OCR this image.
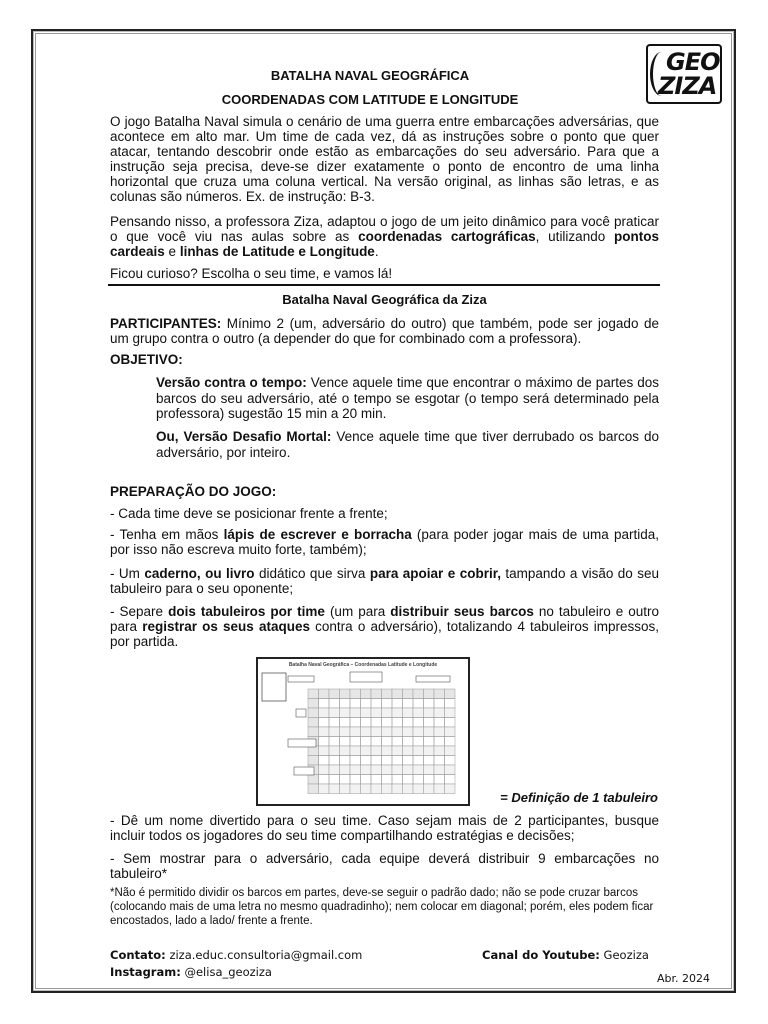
GEO
ZIZA
BATALHA NAVAL GEOGRÁFICA
COORDENADAS COM LATITUDE E LONGITUDE
O jogo Batalha Naval simula o cenário de uma guerra entre embarcações adversárias, que acontece em alto mar. Um time de cada vez, dá as instruções sobre o ponto que quer atacar, tentando descobrir onde estão as embarcações do seu adversário. Para que a instrução seja precisa, deve-se dizer exatamente o ponto de encontro de uma linha horizontal que cruza uma coluna vertical. Na versão original, as linhas são letras, e as colunas são números. Ex. de instrução: B-3.
Pensando nisso, a professora Ziza, adaptou o jogo de um jeito dinâmico para você praticar o que você viu nas aulas sobre as coordenadas cartográficas, utilizando pontos cardeais e linhas de Latitude e Longitude.
Ficou curioso? Escolha o seu time, e vamos lá!
Batalha Naval Geográfica da Ziza
PARTICIPANTES: Mínimo 2 (um, adversário do outro) que também, pode ser jogado de um grupo contra o outro (a depender do que for combinado com a professora).
OBJETIVO:
Versão contra o tempo: Vence aquele time que encontrar o máximo de partes dos barcos do seu adversário, até o tempo se esgotar (o tempo será determinado pela professora) sugestão 15 min a 20 min.
Ou, Versão Desafio Mortal: Vence aquele time que tiver derrubado os barcos do adversário, por inteiro.
PREPARAÇÃO DO JOGO:
- Cada time deve se posicionar frente a frente;
- Tenha em mãos lápis de escrever e borracha (para poder jogar mais de uma partida, por isso não escreva muito forte, também);
- Um caderno, ou livro didático que sirva para apoiar e cobrir, tampando a visão do seu tabuleiro para o seu oponente;
- Separe dois tabuleiros por time (um para distribuir seus barcos no tabuleiro e outro para registrar os seus ataques contra o adversário), totalizando 4 tabuleiros impressos, por partida.
Batalha Naval Geográfica – Coordenadas Latitude e Longitude
= Definição de 1 tabuleiro
- Dê um nome divertido para o seu time. Caso sejam mais de 2 participantes, busque incluir todos os jogadores do seu time compartilhando estratégias e decisões;
- Sem mostrar para o adversário, cada equipe deverá distribuir 9 embarcações no tabuleiro*
*Não é permitido dividir os barcos em partes, deve-se seguir o padrão dado; não se pode cruzar barcos (colocando mais de uma letra no mesmo quadradinho); nem colocar em diagonal; porém, eles podem ficar encostados, lado a lado/ frente a frente.
Contato: ziza.educ.consultoria@gmail.com
Instagram: @elisa_geoziza
Canal do Youtube: Geoziza
Abr. 2024
